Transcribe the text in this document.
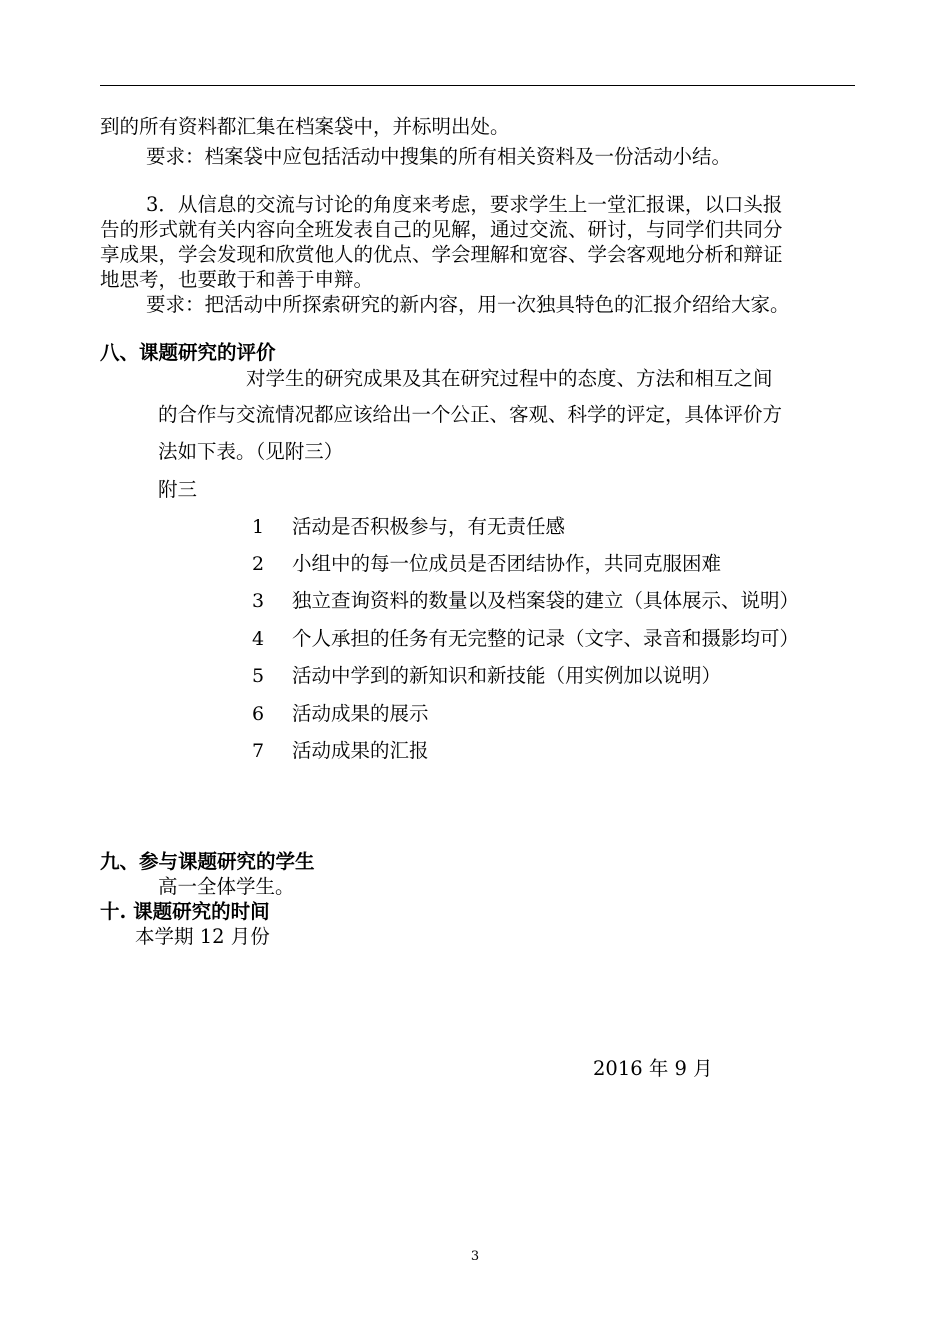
到的所有资料都汇集在档案袋中，并标明出处。
要求：档案袋中应包括活动中搜集的所有相关资料及一份活动小结。
3．从信息的交流与讨论的角度来考虑，要求学生上一堂汇报课，以口头报
告的形式就有关内容向全班发表自己的见解，通过交流、研讨，与同学们共同分
享成果，学会发现和欣赏他人的优点、学会理解和宽容、学会客观地分析和辩证
地思考，也要敢于和善于申辩。
要求：把活动中所探索研究的新内容，用一次独具特色的汇报介绍给大家。
八、课题研究的评价
对学生的研究成果及其在研究过程中的态度、方法和相互之间
的合作与交流情况都应该给出一个公正、客观、科学的评定，具体评价方
法如下表。（见附三）
附三
1 活动是否积极参与，有无责任感
2 小组中的每一位成员是否团结协作，共同克服困难
3 独立查询资料的数量以及档案袋的建立（具体展示、说明）
4 个人承担的任务有无完整的记录（文字、录音和摄影均可）
5 活动中学到的新知识和新技能（用实例加以说明）
6 活动成果的展示
7 活动成果的汇报
九、参与课题研究的学生
高一全体学生。
十. 课题研究的时间
本学期 12 月份
2016 年 9 月
3
